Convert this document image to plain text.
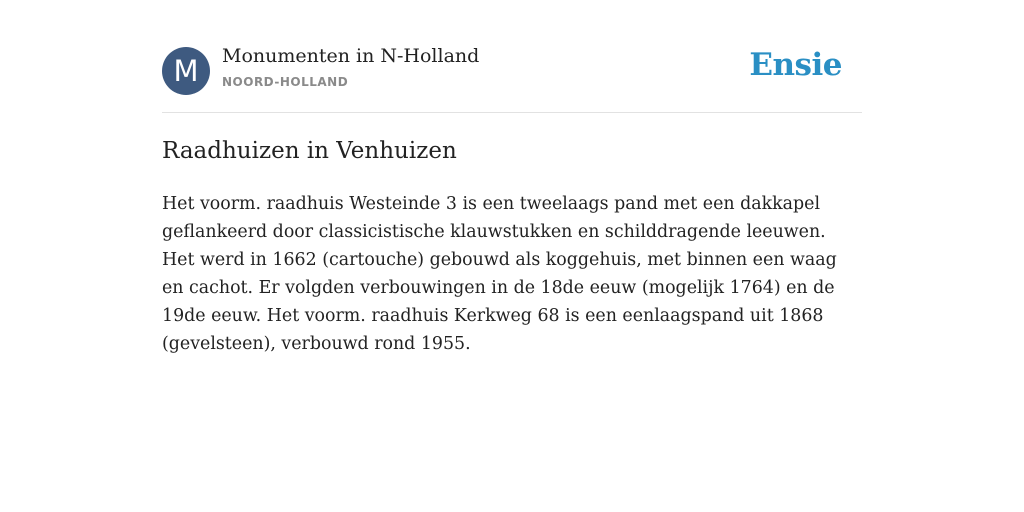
M	Monumenten in N-Holland
NOORD-HOLLAND	Ensie
Raadhuizen in Venhuizen

Het voorm. raadhuis Westeinde 3 is een tweelaags pand met een dakkapel geflankeerd door classicistische klauwstukken en schilddragende leeuwen. Het werd in 1662 (cartouche) gebouwd als koggehuis, met binnen een waag en cachot. Er volgden verbouwingen in de 18de eeuw (mogelijk 1764) en de 19de eeuw. Het voorm. raadhuis Kerkweg 68 is een eenlaagspand uit 1868 (gevelsteen), verbouwd rond 1955.
